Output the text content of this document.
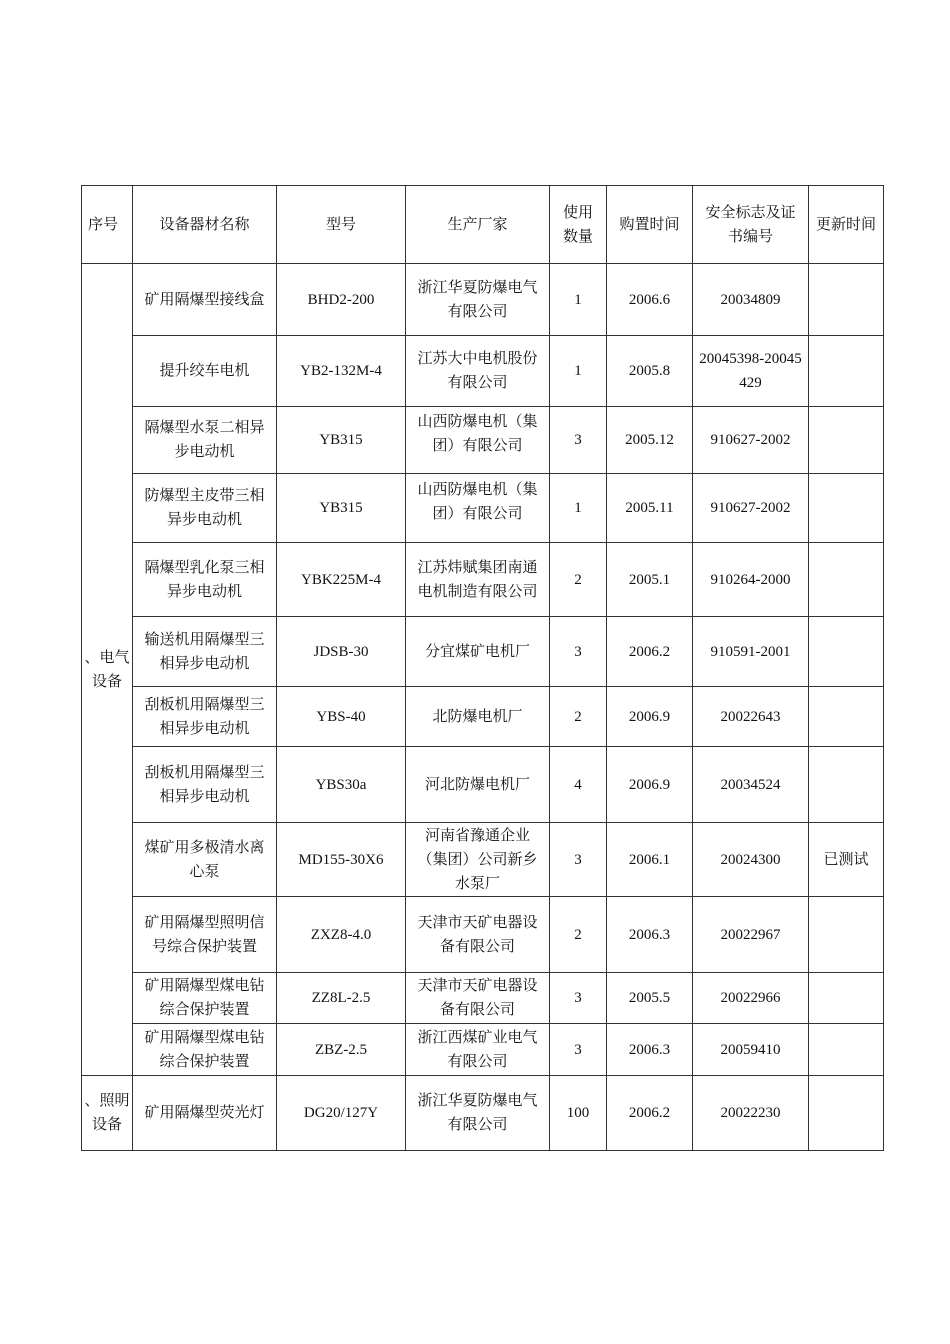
序号	设备器材名称	型号	生产厂家	使用数量	购置时间	安全标志及证书编号	更新时间

、电气设备	矿用隔爆型接线盒	BHD2-200	浙江华夏防爆电气有限公司	1	2006.6	20034809	
	提升绞车电机	YB2-132M-4	江苏大中电机股份有限公司	1	2005.8	20045398-20045429	
	隔爆型水泵二相异步电动机	YB315	山西防爆电机（集团）有限公司	3	2005.12	910627-2002	
	防爆型主皮带三相异步电动机	YB315	山西防爆电机（集团）有限公司	1	2005.11	910627-2002	
	隔爆型乳化泵三相异步电动机	YBK225M-4	江苏炜赋集团南通电机制造有限公司	2	2005.1	910264-2000	
	输送机用隔爆型三相异步电动机	JDSB-30	分宜煤矿电机厂	3	2006.2	910591-2001	
	刮板机用隔爆型三相异步电动机	YBS-40	北防爆电机厂	2	2006.9	20022643	
	刮板机用隔爆型三相异步电动机	YBS30a	河北防爆电机厂	4	2006.9	20034524	
	煤矿用多极清水离心泵	MD155-30X6	河南省豫通企业（集团）公司新乡水泵厂	3	2006.1	20024300	已测试
	矿用隔爆型照明信号综合保护装置	ZXZ8-4.0	天津市天矿电器设备有限公司	2	2006.3	20022967	
	矿用隔爆型煤电钻综合保护装置	ZZ8L-2.5	天津市天矿电器设备有限公司	3	2005.5	20022966	
	矿用隔爆型煤电钻综合保护装置	ZBZ-2.5	浙江西煤矿业电气有限公司	3	2006.3	20059410	

、照明设备	矿用隔爆型荧光灯	DG20/127Y	浙江华夏防爆电气有限公司	100	2006.2	20022230	
